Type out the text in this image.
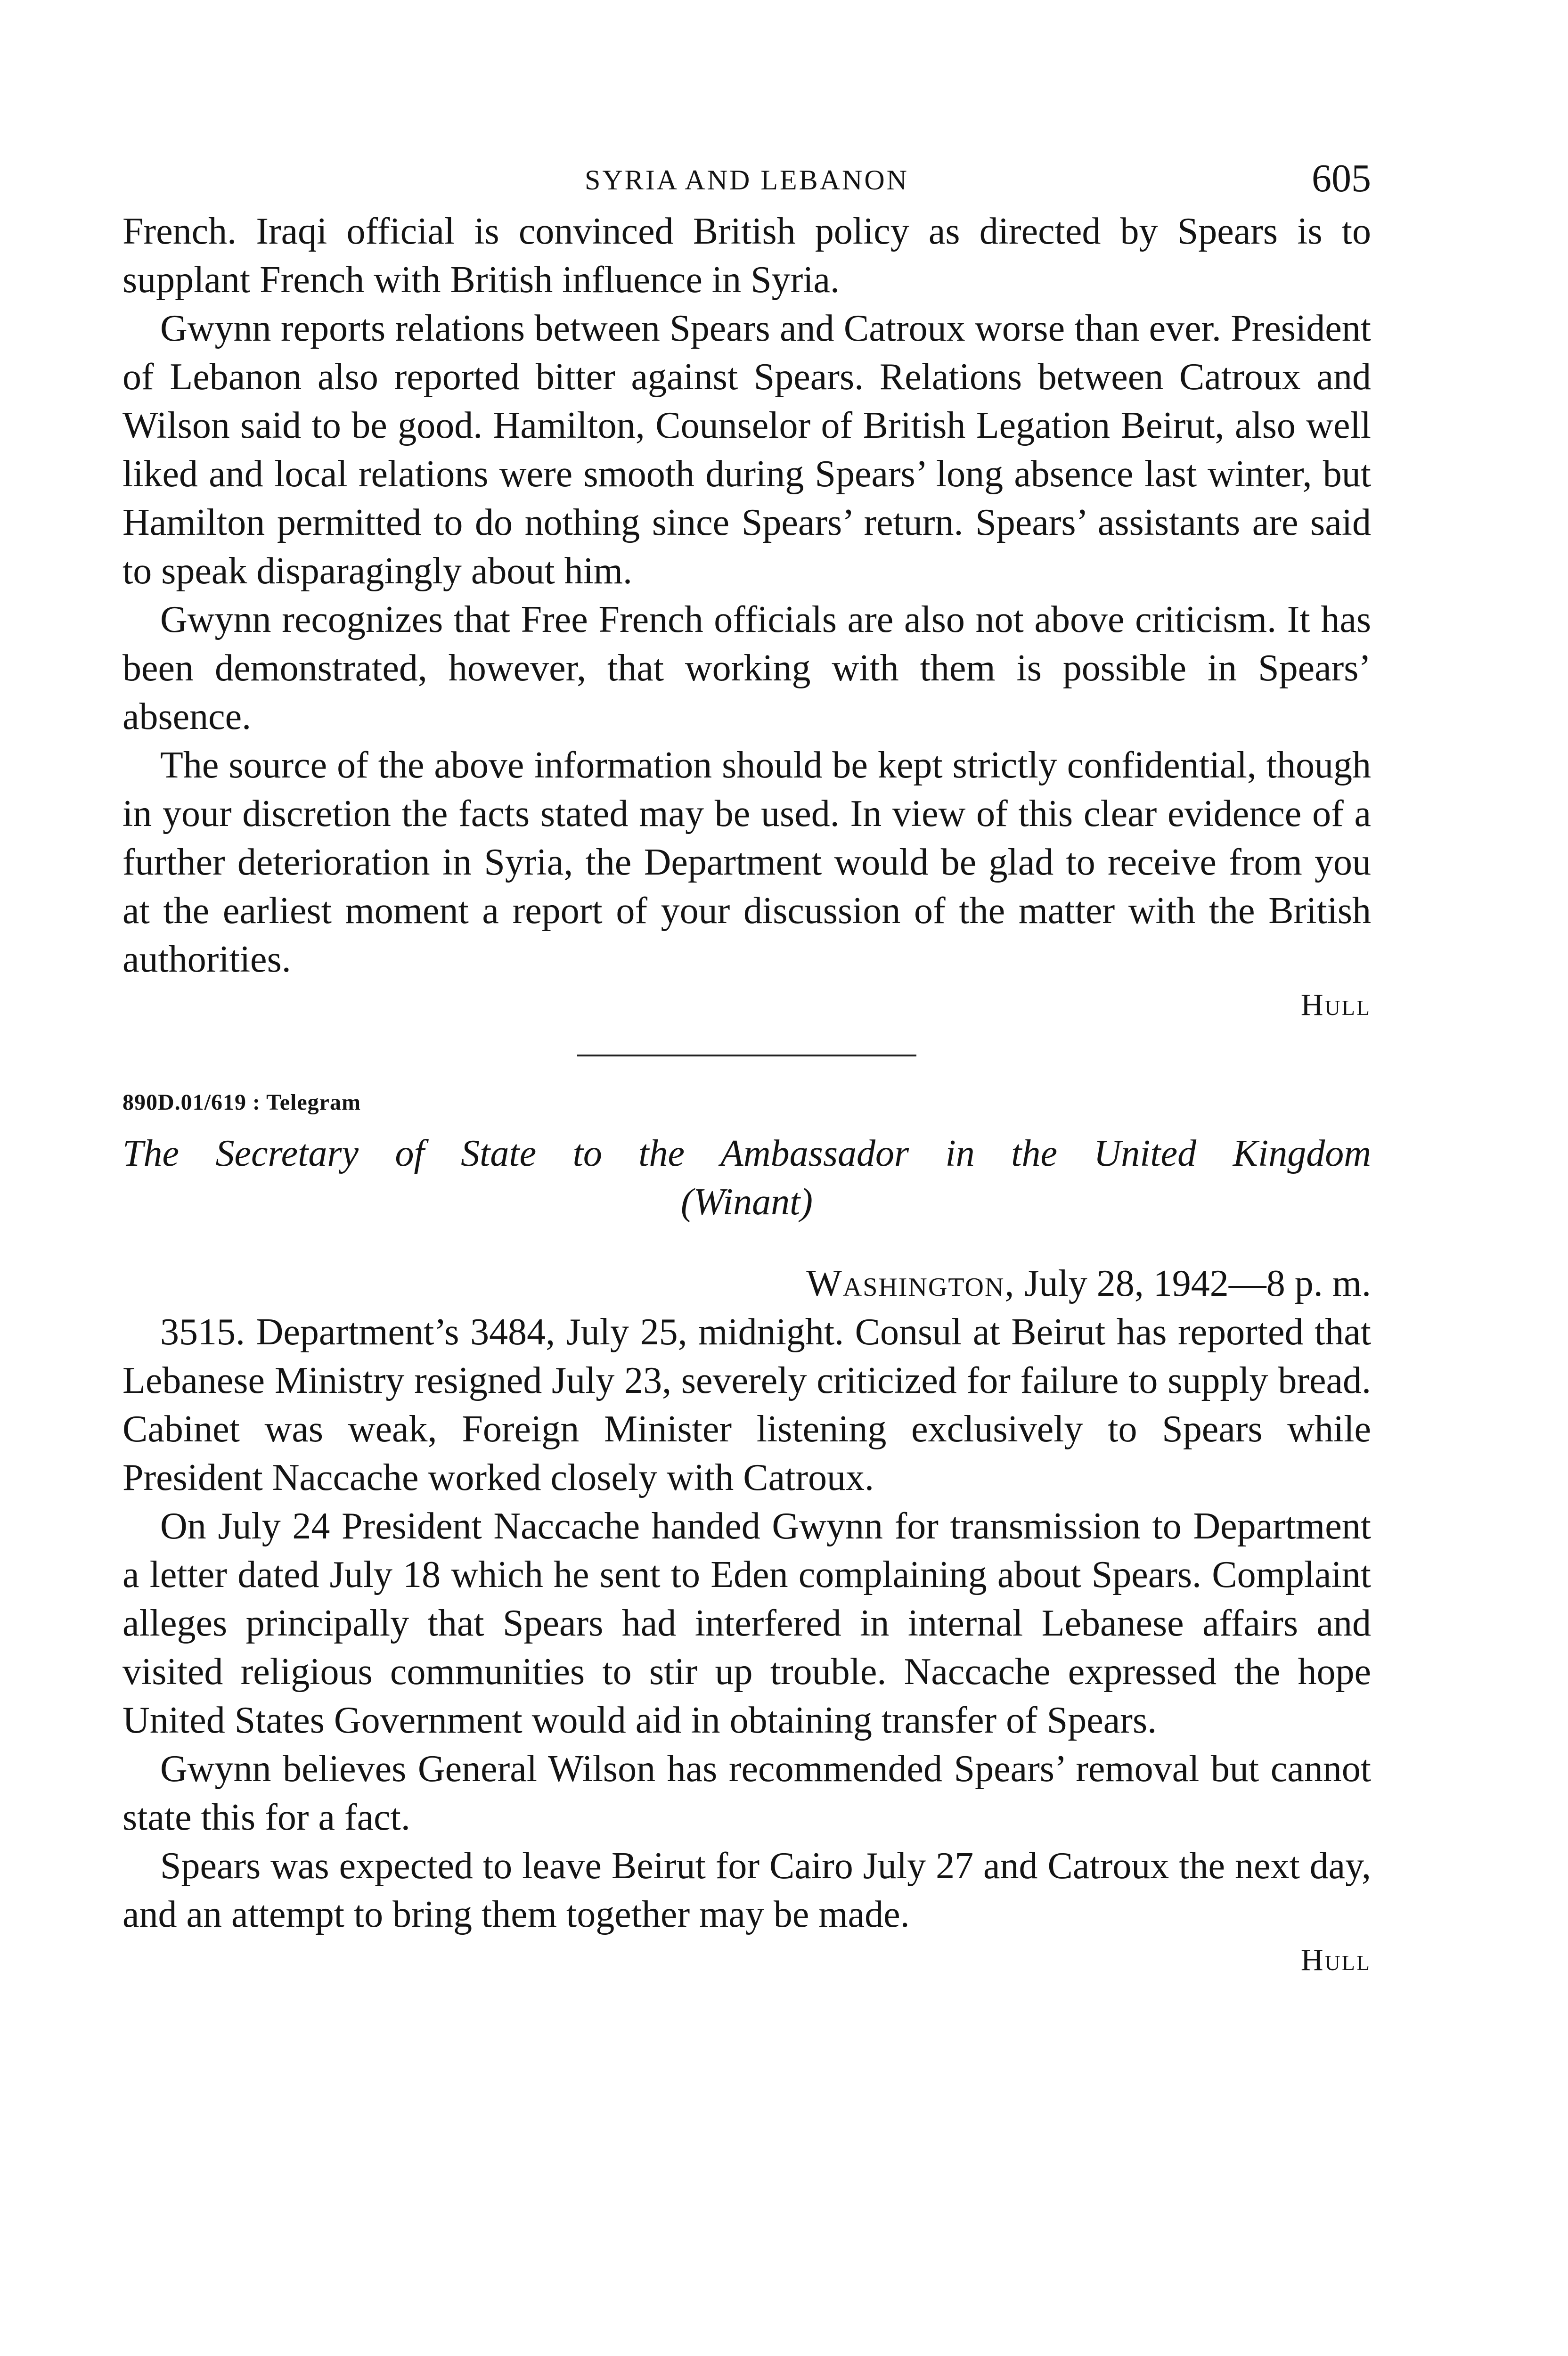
SYRIA AND LEBANON	605

French. Iraqi official is convinced British policy as directed by Spears is to supplant French with British influence in Syria.

Gwynn reports relations between Spears and Catroux worse than ever. President of Lebanon also reported bitter against Spears. Relations between Catroux and Wilson said to be good. Hamilton, Counselor of British Legation Beirut, also well liked and local relations were smooth during Spears’ long absence last winter, but Hamilton permitted to do nothing since Spears’ return. Spears’ assistants are said to speak disparagingly about him.

Gwynn recognizes that Free French officials are also not above criticism. It has been demonstrated, however, that working with them is possible in Spears’ absence.

The source of the above information should be kept strictly confidential, though in your discretion the facts stated may be used. In view of this clear evidence of a further deterioration in Syria, the Department would be glad to receive from you at the earliest moment a report of your discussion of the matter with the British authorities.

Hull
890D.01/619 : Telegram
The Secretary of State to the Ambassador in the United Kingdom
(Winant)
Washington, July 28, 1942—8 p. m.

3515. Department’s 3484, July 25, midnight. Consul at Beirut has reported that Lebanese Ministry resigned July 23, severely criticized for failure to supply bread. Cabinet was weak, Foreign Minister listening exclusively to Spears while President Naccache worked closely with Catroux.

On July 24 President Naccache handed Gwynn for transmission to Department a letter dated July 18 which he sent to Eden complaining about Spears. Complaint alleges principally that Spears had interfered in internal Lebanese affairs and visited religious communities to stir up trouble. Naccache expressed the hope United States Government would aid in obtaining transfer of Spears.

Gwynn believes General Wilson has recommended Spears’ removal but cannot state this for a fact.

Spears was expected to leave Beirut for Cairo July 27 and Catroux the next day, and an attempt to bring them together may be made.

Hull
